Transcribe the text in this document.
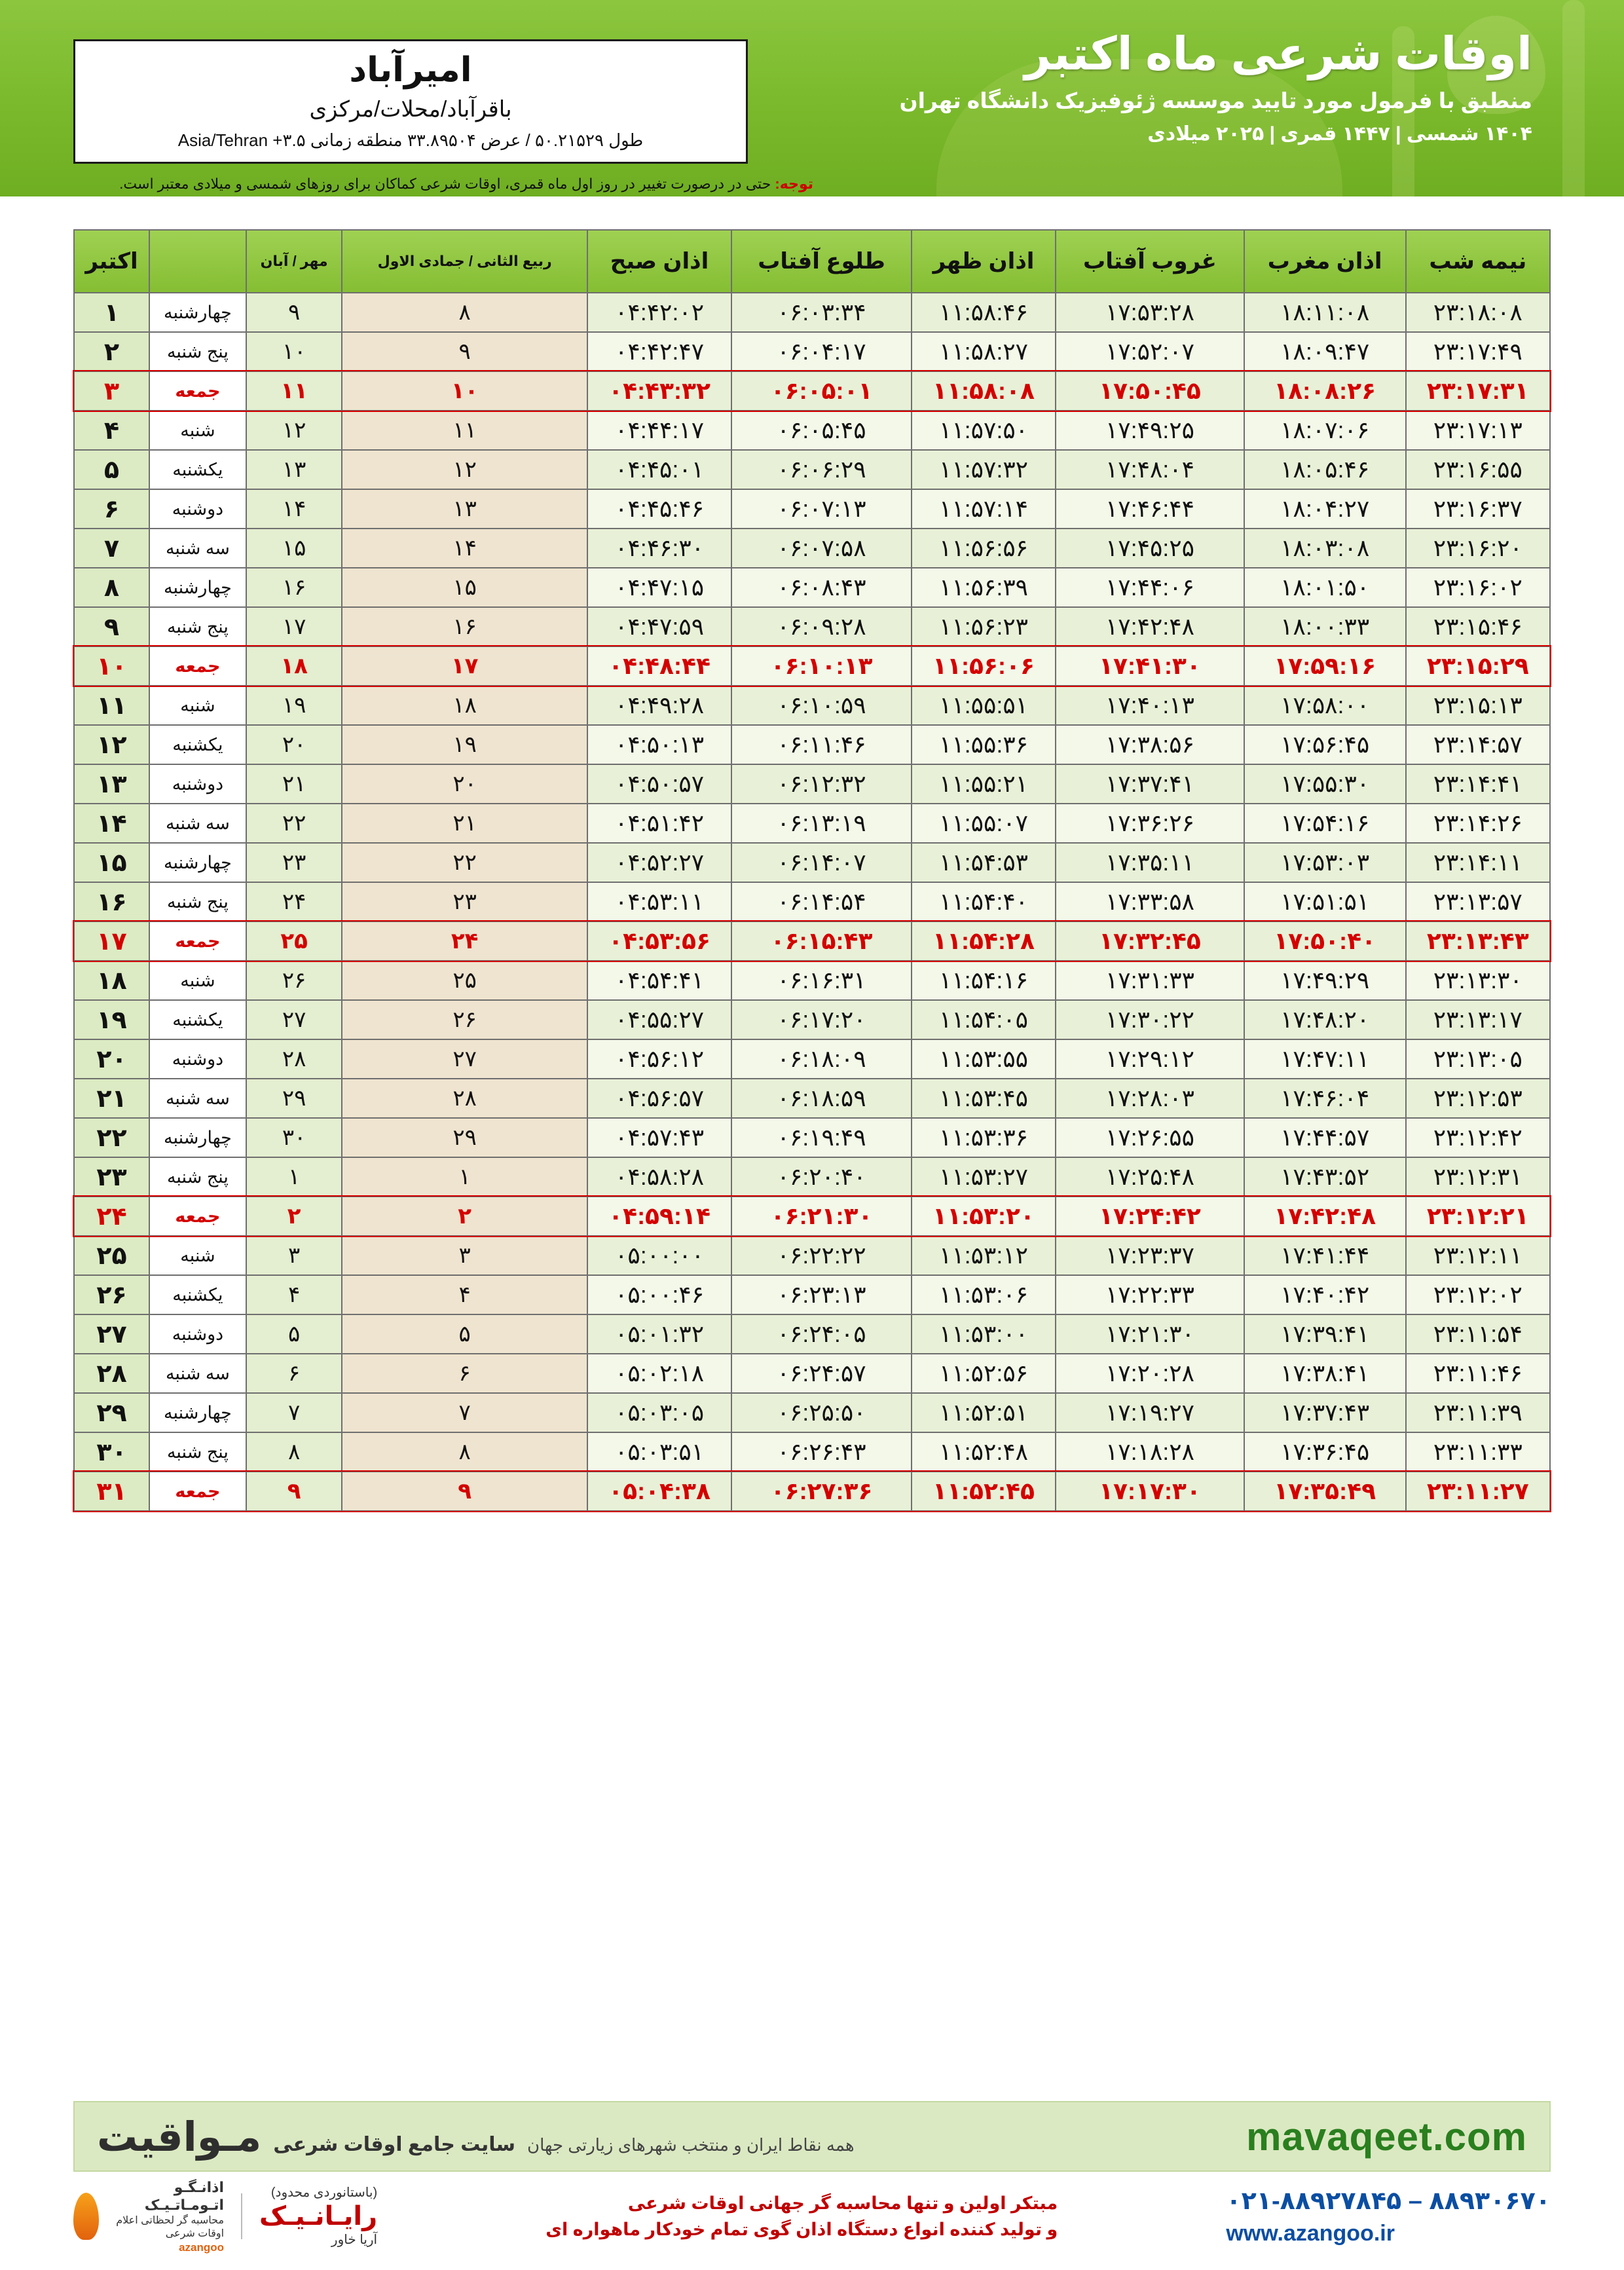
اوقات شرعی ماه اکتبر
منطبق با فرمول مورد تایید موسسه ژئوفیزیک دانشگاه تهران
۱۴۰۴ شمسی | ۱۴۴۷ قمری | ۲۰۲۵ میلادی
امیرآباد
باقرآباد/محلات/مرکزی
طول ۵۰.۲۱۵۲۹ / عرض ۳۳.۸۹۵۰۴ منطقه زمانی ۳.۵+ Asia/Tehran
توجه: حتی در درصورت تغییر در روز اول ماه قمری، اوقات شرعی کماکان برای روزهای شمسی و میلادی معتبر است.
نیمه شب	اذان مغرب	غروب آفتاب	اذان ظهر	طلوع آفتاب	اذان صبح	ربیع الثانی / جمادی الاول	مهر / آبان		اکتبر
۲۳:۱۸:۰۸	۱۸:۱۱:۰۸	۱۷:۵۳:۲۸	۱۱:۵۸:۴۶	۰۶:۰۳:۳۴	۰۴:۴۲:۰۲	۸	۹	چهارشنبه	۱
۲۳:۱۷:۴۹	۱۸:۰۹:۴۷	۱۷:۵۲:۰۷	۱۱:۵۸:۲۷	۰۶:۰۴:۱۷	۰۴:۴۲:۴۷	۹	۱۰	پنج شنبه	۲
۲۳:۱۷:۳۱	۱۸:۰۸:۲۶	۱۷:۵۰:۴۵	۱۱:۵۸:۰۸	۰۶:۰۵:۰۱	۰۴:۴۳:۳۲	۱۰	۱۱	جمعه	۳
۲۳:۱۷:۱۳	۱۸:۰۷:۰۶	۱۷:۴۹:۲۵	۱۱:۵۷:۵۰	۰۶:۰۵:۴۵	۰۴:۴۴:۱۷	۱۱	۱۲	شنبه	۴
۲۳:۱۶:۵۵	۱۸:۰۵:۴۶	۱۷:۴۸:۰۴	۱۱:۵۷:۳۲	۰۶:۰۶:۲۹	۰۴:۴۵:۰۱	۱۲	۱۳	یکشنبه	۵
۲۳:۱۶:۳۷	۱۸:۰۴:۲۷	۱۷:۴۶:۴۴	۱۱:۵۷:۱۴	۰۶:۰۷:۱۳	۰۴:۴۵:۴۶	۱۳	۱۴	دوشنبه	۶
۲۳:۱۶:۲۰	۱۸:۰۳:۰۸	۱۷:۴۵:۲۵	۱۱:۵۶:۵۶	۰۶:۰۷:۵۸	۰۴:۴۶:۳۰	۱۴	۱۵	سه شنبه	۷
۲۳:۱۶:۰۲	۱۸:۰۱:۵۰	۱۷:۴۴:۰۶	۱۱:۵۶:۳۹	۰۶:۰۸:۴۳	۰۴:۴۷:۱۵	۱۵	۱۶	چهارشنبه	۸
۲۳:۱۵:۴۶	۱۸:۰۰:۳۳	۱۷:۴۲:۴۸	۱۱:۵۶:۲۳	۰۶:۰۹:۲۸	۰۴:۴۷:۵۹	۱۶	۱۷	پنج شنبه	۹
۲۳:۱۵:۲۹	۱۷:۵۹:۱۶	۱۷:۴۱:۳۰	۱۱:۵۶:۰۶	۰۶:۱۰:۱۳	۰۴:۴۸:۴۴	۱۷	۱۸	جمعه	۱۰
۲۳:۱۵:۱۳	۱۷:۵۸:۰۰	۱۷:۴۰:۱۳	۱۱:۵۵:۵۱	۰۶:۱۰:۵۹	۰۴:۴۹:۲۸	۱۸	۱۹	شنبه	۱۱
۲۳:۱۴:۵۷	۱۷:۵۶:۴۵	۱۷:۳۸:۵۶	۱۱:۵۵:۳۶	۰۶:۱۱:۴۶	۰۴:۵۰:۱۳	۱۹	۲۰	یکشنبه	۱۲
۲۳:۱۴:۴۱	۱۷:۵۵:۳۰	۱۷:۳۷:۴۱	۱۱:۵۵:۲۱	۰۶:۱۲:۳۲	۰۴:۵۰:۵۷	۲۰	۲۱	دوشنبه	۱۳
۲۳:۱۴:۲۶	۱۷:۵۴:۱۶	۱۷:۳۶:۲۶	۱۱:۵۵:۰۷	۰۶:۱۳:۱۹	۰۴:۵۱:۴۲	۲۱	۲۲	سه شنبه	۱۴
۲۳:۱۴:۱۱	۱۷:۵۳:۰۳	۱۷:۳۵:۱۱	۱۱:۵۴:۵۳	۰۶:۱۴:۰۷	۰۴:۵۲:۲۷	۲۲	۲۳	چهارشنبه	۱۵
۲۳:۱۳:۵۷	۱۷:۵۱:۵۱	۱۷:۳۳:۵۸	۱۱:۵۴:۴۰	۰۶:۱۴:۵۴	۰۴:۵۳:۱۱	۲۳	۲۴	پنج شنبه	۱۶
۲۳:۱۳:۴۳	۱۷:۵۰:۴۰	۱۷:۳۲:۴۵	۱۱:۵۴:۲۸	۰۶:۱۵:۴۳	۰۴:۵۳:۵۶	۲۴	۲۵	جمعه	۱۷
۲۳:۱۳:۳۰	۱۷:۴۹:۲۹	۱۷:۳۱:۳۳	۱۱:۵۴:۱۶	۰۶:۱۶:۳۱	۰۴:۵۴:۴۱	۲۵	۲۶	شنبه	۱۸
۲۳:۱۳:۱۷	۱۷:۴۸:۲۰	۱۷:۳۰:۲۲	۱۱:۵۴:۰۵	۰۶:۱۷:۲۰	۰۴:۵۵:۲۷	۲۶	۲۷	یکشنبه	۱۹
۲۳:۱۳:۰۵	۱۷:۴۷:۱۱	۱۷:۲۹:۱۲	۱۱:۵۳:۵۵	۰۶:۱۸:۰۹	۰۴:۵۶:۱۲	۲۷	۲۸	دوشنبه	۲۰
۲۳:۱۲:۵۳	۱۷:۴۶:۰۴	۱۷:۲۸:۰۳	۱۱:۵۳:۴۵	۰۶:۱۸:۵۹	۰۴:۵۶:۵۷	۲۸	۲۹	سه شنبه	۲۱
۲۳:۱۲:۴۲	۱۷:۴۴:۵۷	۱۷:۲۶:۵۵	۱۱:۵۳:۳۶	۰۶:۱۹:۴۹	۰۴:۵۷:۴۳	۲۹	۳۰	چهارشنبه	۲۲
۲۳:۱۲:۳۱	۱۷:۴۳:۵۲	۱۷:۲۵:۴۸	۱۱:۵۳:۲۷	۰۶:۲۰:۴۰	۰۴:۵۸:۲۸	۱	۱	پنج شنبه	۲۳
۲۳:۱۲:۲۱	۱۷:۴۲:۴۸	۱۷:۲۴:۴۲	۱۱:۵۳:۲۰	۰۶:۲۱:۳۰	۰۴:۵۹:۱۴	۲	۲	جمعه	۲۴
۲۳:۱۲:۱۱	۱۷:۴۱:۴۴	۱۷:۲۳:۳۷	۱۱:۵۳:۱۲	۰۶:۲۲:۲۲	۰۵:۰۰:۰۰	۳	۳	شنبه	۲۵
۲۳:۱۲:۰۲	۱۷:۴۰:۴۲	۱۷:۲۲:۳۳	۱۱:۵۳:۰۶	۰۶:۲۳:۱۳	۰۵:۰۰:۴۶	۴	۴	یکشنبه	۲۶
۲۳:۱۱:۵۴	۱۷:۳۹:۴۱	۱۷:۲۱:۳۰	۱۱:۵۳:۰۰	۰۶:۲۴:۰۵	۰۵:۰۱:۳۲	۵	۵	دوشنبه	۲۷
۲۳:۱۱:۴۶	۱۷:۳۸:۴۱	۱۷:۲۰:۲۸	۱۱:۵۲:۵۶	۰۶:۲۴:۵۷	۰۵:۰۲:۱۸	۶	۶	سه شنبه	۲۸
۲۳:۱۱:۳۹	۱۷:۳۷:۴۳	۱۷:۱۹:۲۷	۱۱:۵۲:۵۱	۰۶:۲۵:۵۰	۰۵:۰۳:۰۵	۷	۷	چهارشنبه	۲۹
۲۳:۱۱:۳۳	۱۷:۳۶:۴۵	۱۷:۱۸:۲۸	۱۱:۵۲:۴۸	۰۶:۲۶:۴۳	۰۵:۰۳:۵۱	۸	۸	پنج شنبه	۳۰
۲۳:۱۱:۲۷	۱۷:۳۵:۴۹	۱۷:۱۷:۳۰	۱۱:۵۲:۴۵	۰۶:۲۷:۳۶	۰۵:۰۴:۳۸	۹	۹	جمعه	۳۱
mavaqeet.com
همه نقاط ایران و منتخب شهرهای زیارتی جهان
سایت جامع اوقات شرعی
مـواقیت
۰۲۱-۸۸۹۲۷۸۴۵ – ۸۸۹۳۰۶۷۰
www.azangoo.ir
مبتکر اولین و تنها محاسبه گر جهانی اوقات شرعی
و تولید کننده انواع دستگاه اذان گوی تمام خودکار ماهواره ای
(باستانوردی محدود)
رایـانـیـک
آریا خاور
اذانـگـو اتـومـاتـیـک
محاسبه گر لحظاتی اعلام اوقات شرعی
azangoo
